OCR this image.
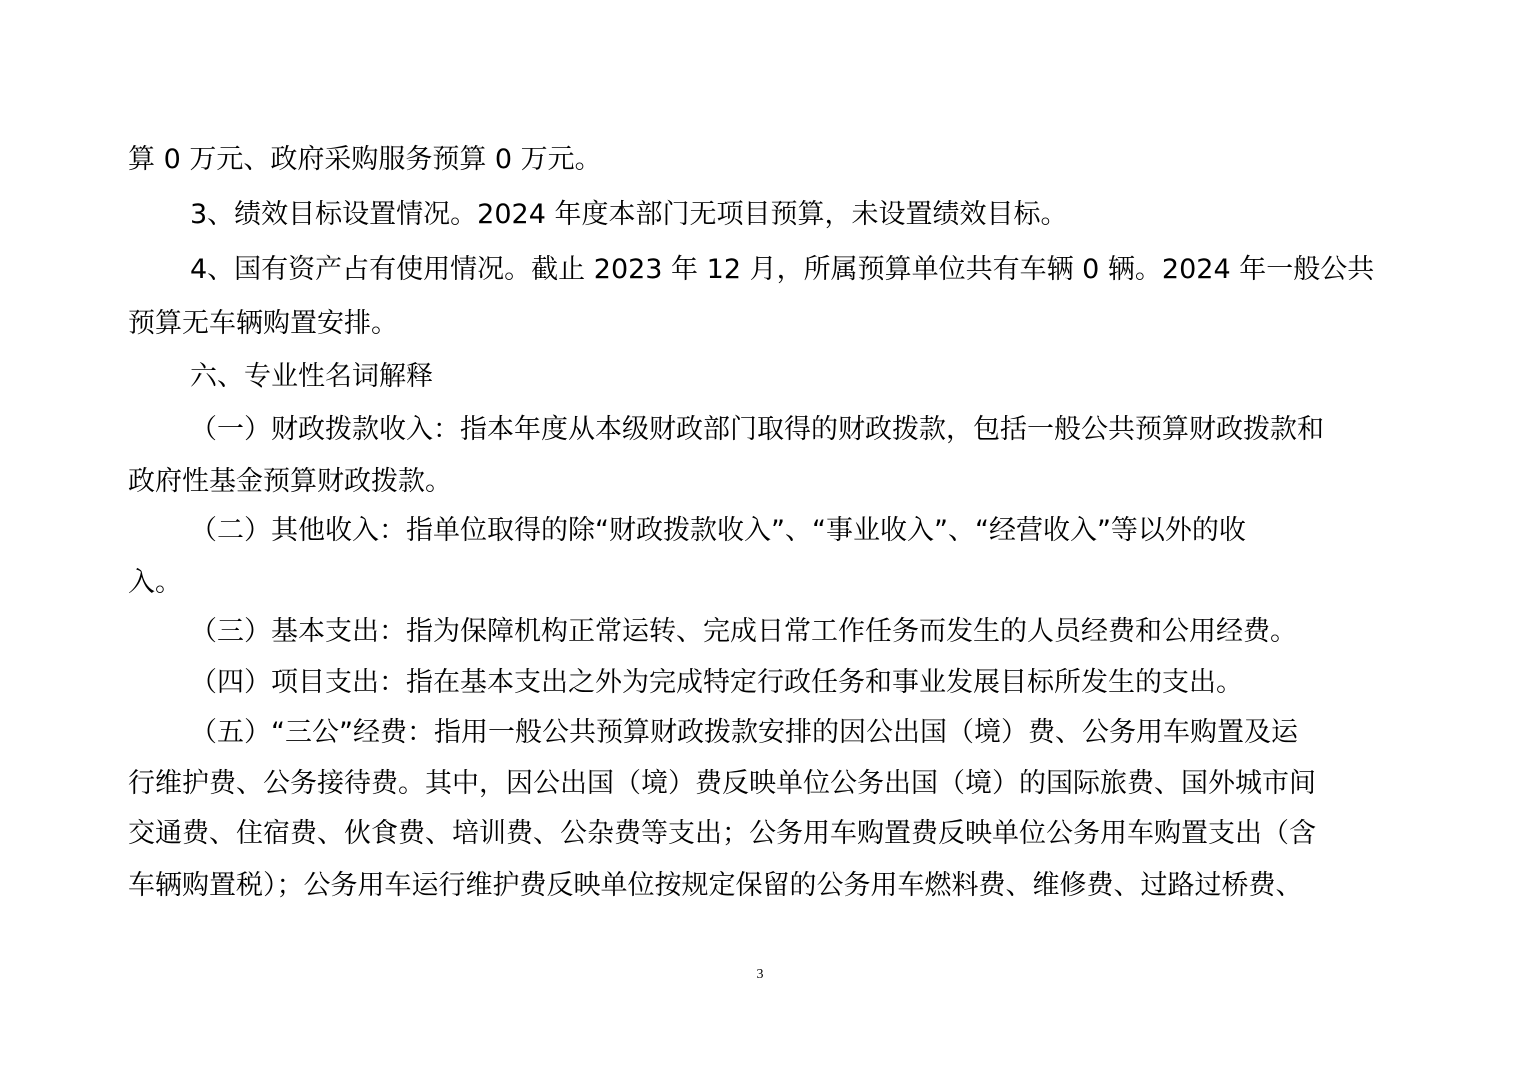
算 0 万元、政府采购服务预算 0 万元。
3、绩效目标设置情况。2024 年度本部门无项目预算，未设置绩效目标。
4、国有资产占有使用情况。截止 2023 年 12 月，所属预算单位共有车辆 0 辆。2024 年一般公共
预算无车辆购置安排。
六、专业性名词解释
（一）财政拨款收入：指本年度从本级财政部门取得的财政拨款，包括一般公共预算财政拨款和
政府性基金预算财政拨款。
（二）其他收入：指单位取得的除“财政拨款收入”、“事业收入”、“经营收入”等以外的收
入。
（三）基本支出：指为保障机构正常运转、完成日常工作任务而发生的人员经费和公用经费。
（四）项目支出：指在基本支出之外为完成特定行政任务和事业发展目标所发生的支出。
（五）“三公”经费：指用一般公共预算财政拨款安排的因公出国（境）费、公务用车购置及运
行维护费、公务接待费。其中，因公出国（境）费反映单位公务出国（境）的国际旅费、国外城市间
交通费、住宿费、伙食费、培训费、公杂费等支出；公务用车购置费反映单位公务用车购置支出（含
车辆购置税）；公务用车运行维护费反映单位按规定保留的公务用车燃料费、维修费、过路过桥费、
3
